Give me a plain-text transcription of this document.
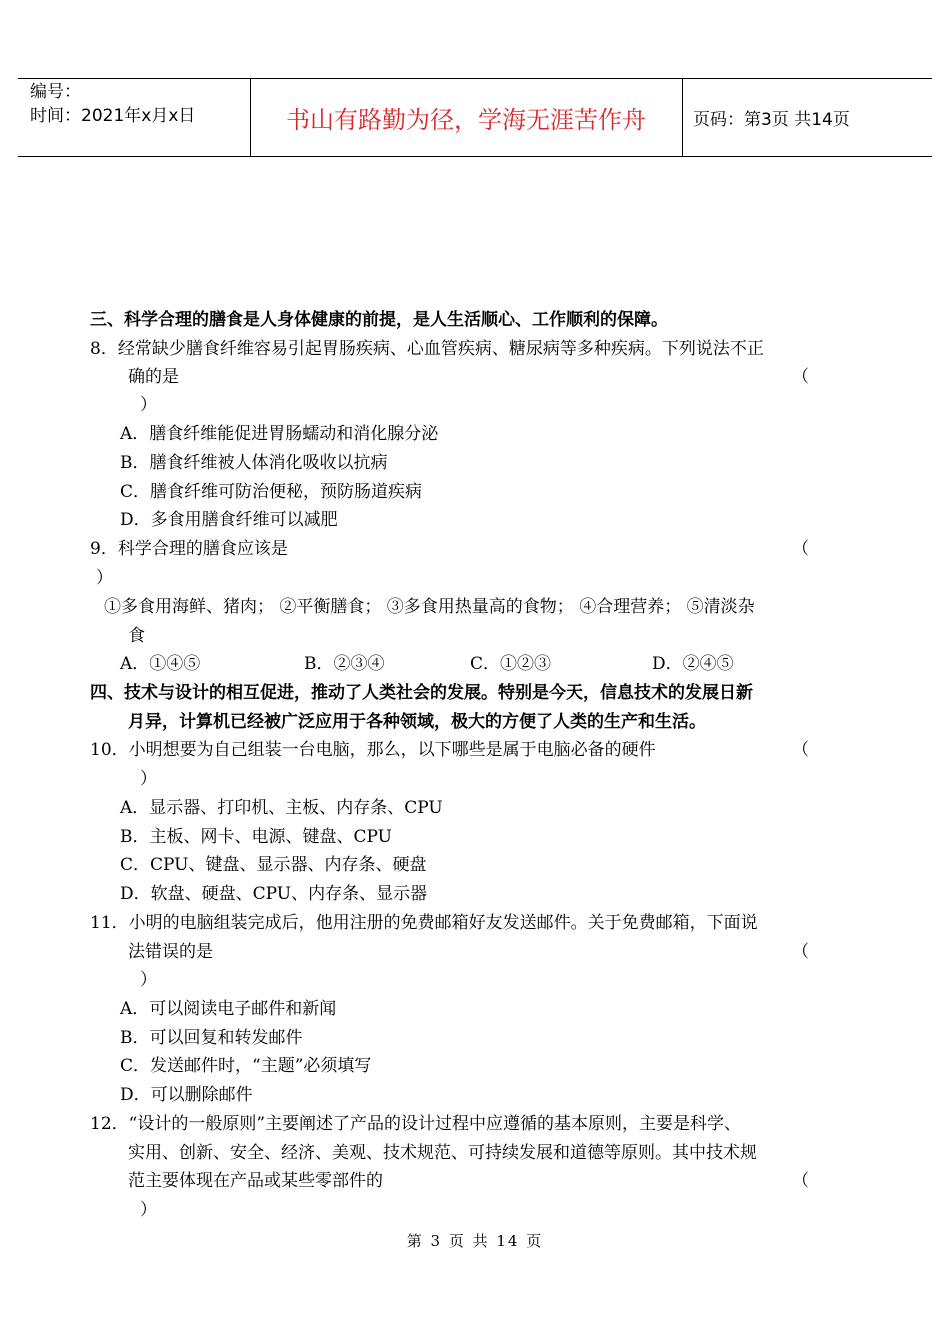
编号：
时间：2021年x月x日	书山有路勤为径，学海无涯苦作舟	页码：第3页 共14页
三、科学合理的膳食是人身体健康的前提，是人生活顺心、工作顺利的保障。
8．经常缺少膳食纤维容易引起胃肠疾病、心血管疾病、糖尿病等多种疾病。下列说法不正
确的是	（
）
A．膳食纤维能促进胃肠蠕动和消化腺分泌
B．膳食纤维被人体消化吸收以抗病
C．膳食纤维可防治便秘，预防肠道疾病
D．多食用膳食纤维可以减肥
9．科学合理的膳食应该是	（
）
①多食用海鲜、猪肉； ②平衡膳食； ③多食用热量高的食物； ④合理营养； ⑤清淡杂
食
A．①④⑤	B．②③④	C．①②③	D．②④⑤
四、技术与设计的相互促进，推动了人类社会的发展。特别是今天，信息技术的发展日新
月异，计算机已经被广泛应用于各种领域，极大的方便了人类的生产和生活。
10．小明想要为自己组装一台电脑，那么，以下哪些是属于电脑必备的硬件	（
）
A．显示器、打印机、主板、内存条、CPU
B．主板、网卡、电源、键盘、CPU
C．CPU、键盘、显示器、内存条、硬盘
D．软盘、硬盘、CPU、内存条、显示器
11．小明的电脑组装完成后，他用注册的免费邮箱好友发送邮件。关于免费邮箱，下面说
法错误的是	（
）
A．可以阅读电子邮件和新闻
B．可以回复和转发邮件
C．发送邮件时，“主题”必须填写
D．可以删除邮件
12．“设计的一般原则”主要阐述了产品的设计过程中应遵循的基本原则，主要是科学、
实用、创新、安全、经济、美观、技术规范、可持续发展和道德等原则。其中技术规
范主要体现在产品或某些零部件的	（
）
第 3 页 共 14 页
